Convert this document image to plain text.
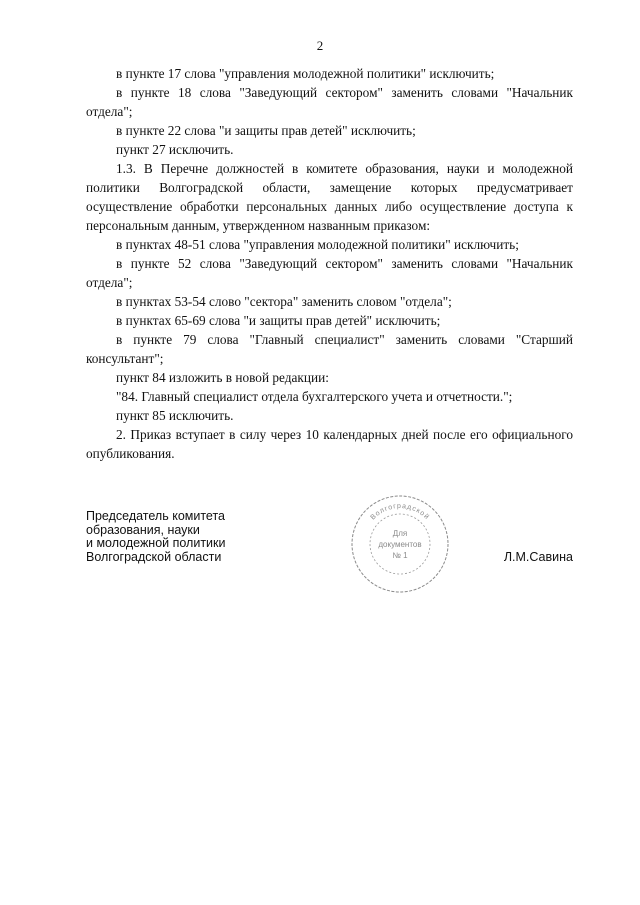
2

в пункте 17 слова "управления молодежной политики" исключить;

в пункте 18 слова "Заведующий сектором" заменить словами "Начальник отдела";

в пункте 22 слова "и защиты прав детей" исключить;

пункт 27 исключить.

1.3. В Перечне должностей в комитете образования, науки и молодежной политики Волгоградской области, замещение которых предусматривает осуществление обработки персональных данных либо осуществление доступа к персональным данным, утвержденном названным приказом:

в пунктах 48-51 слова "управления молодежной политики" исключить;

в пункте 52 слова "Заведующий сектором" заменить словами "Начальник отдела";

в пунктах 53-54 слово "сектора" заменить словом "отдела";

в пунктах 65-69 слова "и защиты прав детей" исключить;

в пункте 79 слова "Главный специалист" заменить словами "Старший консультант";

пункт 84 изложить в новой редакции:

"84. Главный специалист отдела бухгалтерского учета и отчетности.";

пункт 85 исключить.

2. Приказ вступает в силу через 10 календарных дней после его официального опубликования.

Председатель комитета
образования, науки
и молодежной политики
Волгоградской области
Волгоградской
Для
документов
№ 1	Л.М.Савина
